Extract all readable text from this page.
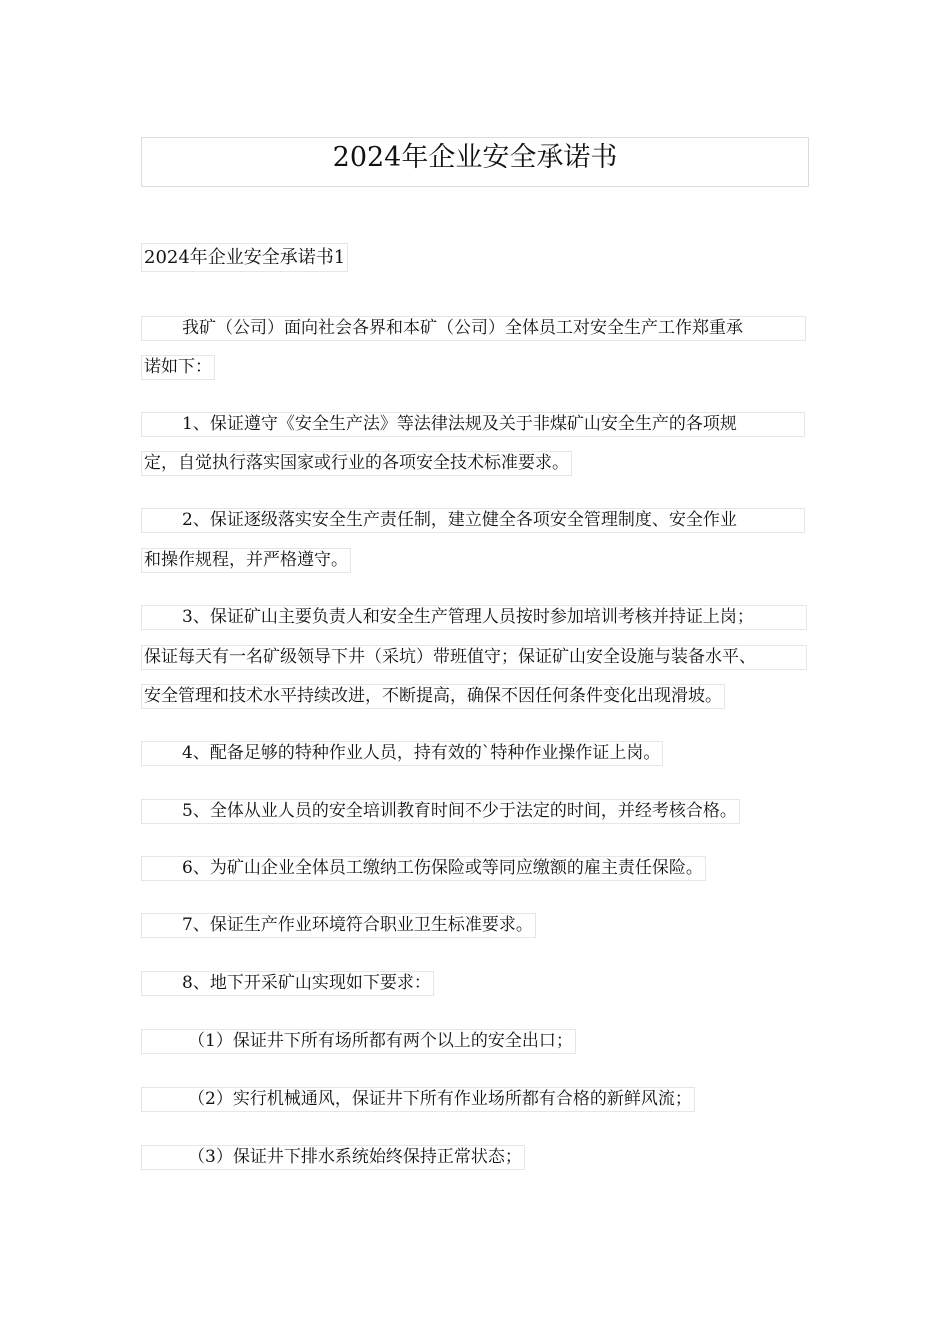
2024年企业安全承诺书
2024年企业安全承诺书1
我矿（公司）面向社会各界和本矿（公司）全体员工对安全生产工作郑重承
诺如下：
1、保证遵守《安全生产法》等法律法规及关于非煤矿山安全生产的各项规
定，自觉执行落实国家或行业的各项安全技术标准要求。
2、保证逐级落实安全生产责任制，建立健全各项安全管理制度、安全作业
和操作规程，并严格遵守。
3、保证矿山主要负责人和安全生产管理人员按时参加培训考核并持证上岗；
保证每天有一名矿级领导下井（采坑）带班值守；保证矿山安全设施与装备水平、
安全管理和技术水平持续改进，不断提高，确保不因任何条件变化出现滑坡。
4、配备足够的特种作业人员，持有效的`特种作业操作证上岗。
5、全体从业人员的安全培训教育时间不少于法定的时间，并经考核合格。
6、为矿山企业全体员工缴纳工伤保险或等同应缴额的雇主责任保险。
7、保证生产作业环境符合职业卫生标准要求。
8、地下开采矿山实现如下要求：
（1）保证井下所有场所都有两个以上的安全出口；
（2）实行机械通风，保证井下所有作业场所都有合格的新鲜风流；
（3）保证井下排水系统始终保持正常状态；
